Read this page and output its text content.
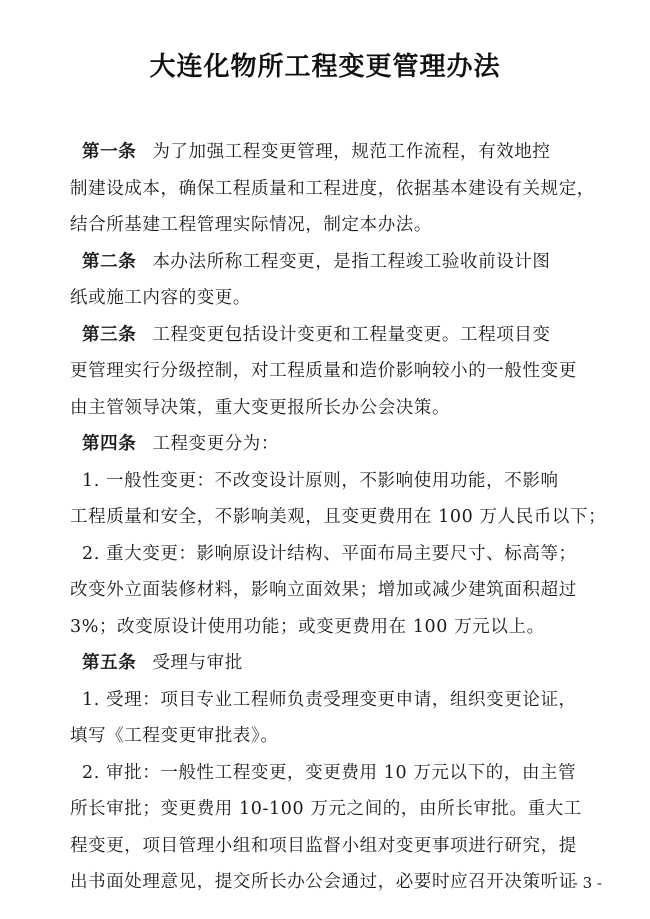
大连化物所工程变更管理办法
第一条 为了加强工程变更管理，规范工作流程，有效地控
制建设成本，确保工程质量和工程进度，依据基本建设有关规定，
结合所基建工程管理实际情况，制定本办法。
第二条 本办法所称工程变更，是指工程竣工验收前设计图
纸或施工内容的变更。
第三条 工程变更包括设计变更和工程量变更。工程项目变
更管理实行分级控制，对工程质量和造价影响较小的一般性变更
由主管领导决策，重大变更报所长办公会决策。
第四条 工程变更分为：
1. 一般性变更：不改变设计原则，不影响使用功能，不影响
工程质量和安全，不影响美观，且变更费用在 100 万人民币以下；
2. 重大变更：影响原设计结构、平面布局主要尺寸、标高等；
改变外立面装修材料，影响立面效果；增加或减少建筑面积超过
3%；改变原设计使用功能；或变更费用在 100 万元以上。
第五条 受理与审批
1. 受理：项目专业工程师负责受理变更申请，组织变更论证，
填写《工程变更审批表》。
2. 审批：一般性工程变更，变更费用 10 万元以下的，由主管
所长审批；变更费用 10-100 万元之间的，由所长审批。重大工
程变更，项目管理小组和项目监督小组对变更事项进行研究，提
出书面处理意见，提交所长办公会通过，必要时应召开决策听证
- 3 -
